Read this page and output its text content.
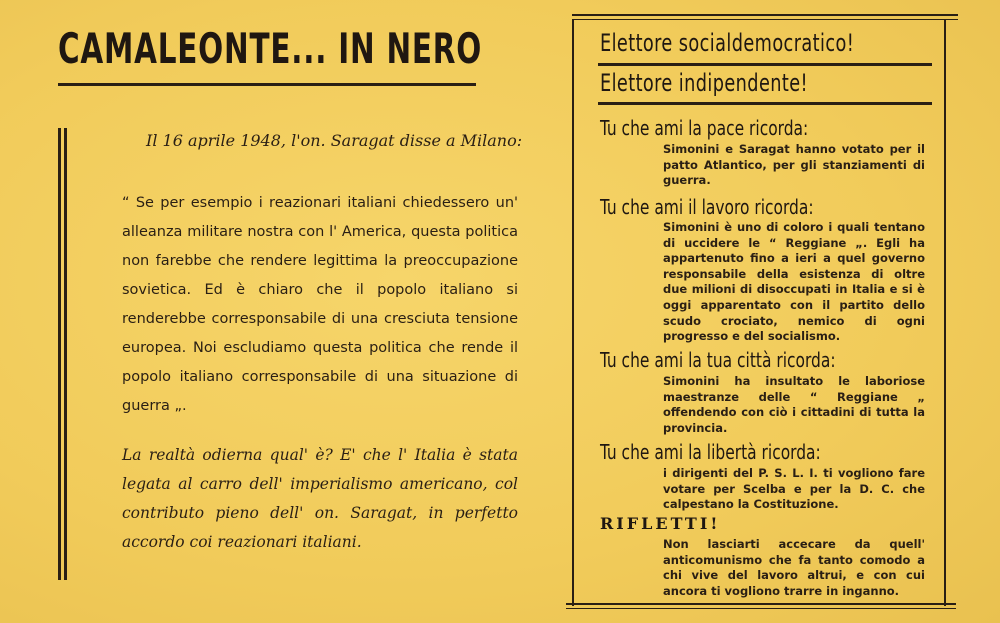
CAMALEONTE... IN NERO
Il 16 aprile 1948, l'on. Saragat disse a Milano:
“ Se per esempio i reazionari italiani chiedessero un' alleanza militare nostra con l' America, questa politica non farebbe che rendere legittima la preoccupazione sovietica. Ed è chiaro che il popolo italiano si renderebbe corresponsabile di una cresciuta tensione europea. Noi escludiamo questa politica che rende il popolo italiano corresponsabile di una situazione di guerra „.
La realtà odierna qual' è? E' che l' Italia è stata legata al carro dell' imperialismo americano, col contributo pieno dell' on. Saragat, in perfetto accordo coi reazionari italiani.
Elettore socialdemocratico!
Elettore indipendente!
Tu che ami la pace ricorda:
Simonini e Saragat hanno votato per il patto Atlantico, per gli stanziamenti di guerra.
Tu che ami il lavoro ricorda:
Simonini è uno di coloro i quali tentano di uccidere le “ Reggiane „. Egli ha appartenuto fino a ieri a quel governo responsabile della esistenza di oltre due milioni di disoccupati in Italia e si è oggi apparentato con il partito dello scudo crociato, nemico di ogni progresso e del socialismo.
Tu che ami la tua città ricorda:
Simonini ha insultato le laboriose maestranze delle “ Reggiane „ offendendo con ciò i cittadini di tutta la provincia.
Tu che ami la libertà ricorda:
i dirigenti del P. S. L. I. ti vogliono fare votare per Scelba e per la D. C. che calpestano la Costituzione.
RIFLETTI!
Non lasciarti accecare da quell' anticomunismo che fa tanto comodo a chi vive del lavoro altrui, e con cui ancora ti vogliono trarre in inganno.
